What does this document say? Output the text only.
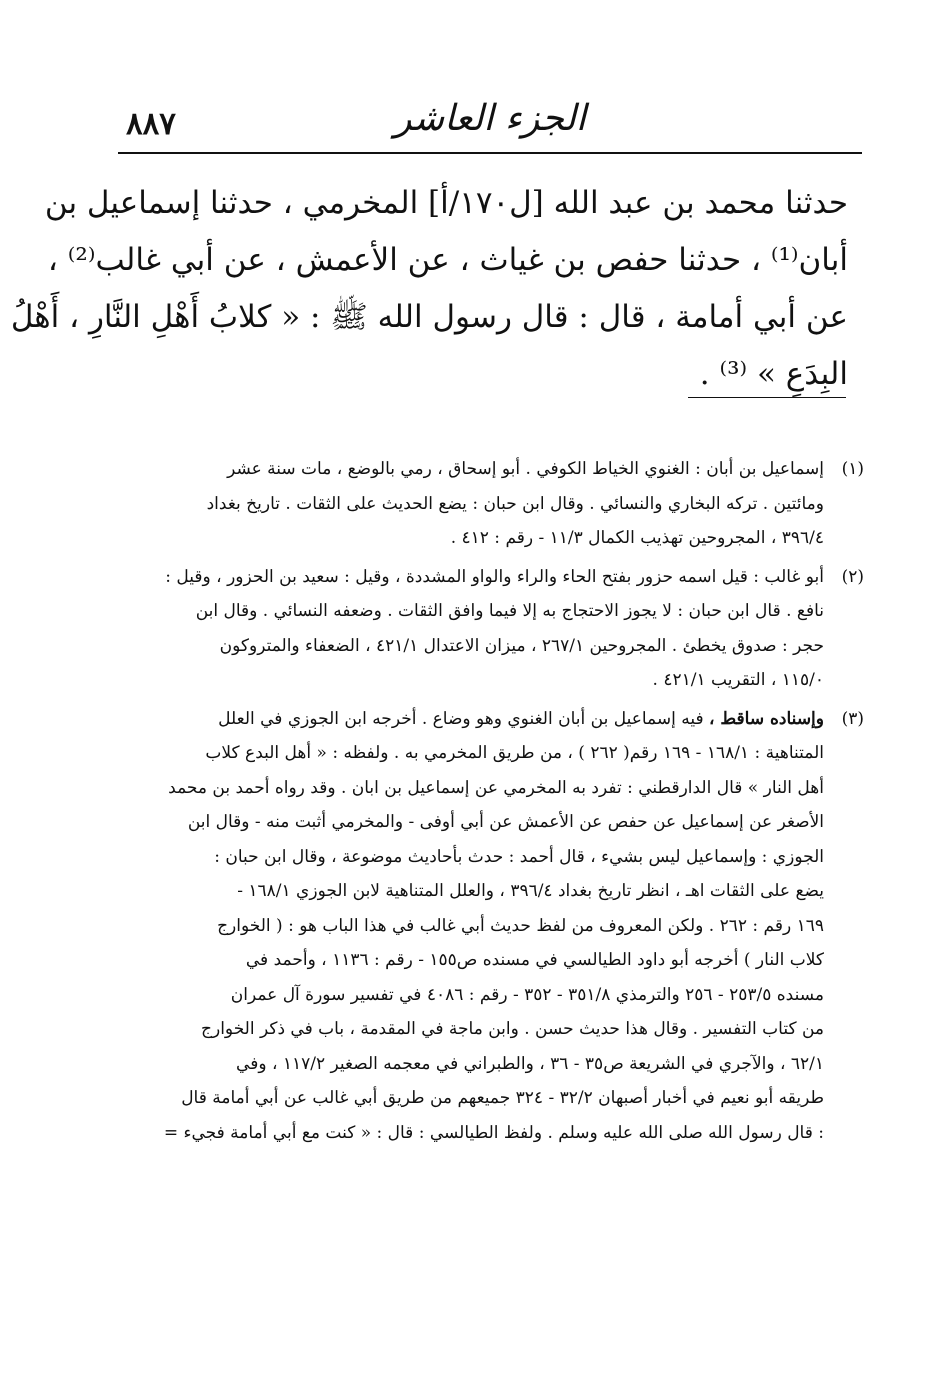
٨٨٧	الجزء العاشر
حدثنا محمد بن عبد الله [ل١٧٠/أ] المخرمي ، حدثنا إسماعيل بن
أبان⁽¹⁾ ، حدثنا حفص بن غياث ، عن الأعمش ، عن أبي غالب⁽²⁾ ،
عن أبي أمامة ، قال : قال رسول الله ﷺ : « كلابُ أَهْلِ النَّارِ ، أَهْلُ
البِدَعِ » ⁽³⁾ .
(١)
إسماعيل بن أبان : الغنوي الخياط الكوفي . أبو إسحاق ، رمي بالوضع ، مات سنة عشر
ومائتين . تركه البخاري والنسائي . وقال ابن حبان : يضع الحديث على الثقات . تاريخ بغداد
٣٩٦/٤ ، المجروحين تهذيب الكمال ١١/٣ - رقم : ٤١٢ .
(٢)
أبو غالب : قيل اسمه حزور بفتح الحاء والراء والواو المشددة ، وقيل : سعيد بن الحزور ، وقيل :
نافع . قال ابن حبان : لا يجوز الاحتجاج به إلا فيما وافق الثقات . وضعفه النسائي . وقال ابن
حجر : صدوق يخطئ . المجروحين ٢٦٧/١ ، ميزان الاعتدال ٤٢١/١ ، الضعفاء والمتروكون
١١٥/٠ ، التقريب ٤٢١/١ .
(٣)
وإسناده ساقط ، فيه إسماعيل بن أبان الغنوي وهو وضاع . أخرجه ابن الجوزي في العلل
المتناهية : ١٦٨/١ - ١٦٩ رقم( ٢٦٢ ) ، من طريق المخرمي به . ولفظه : « أهل البدع كلاب
أهل النار » قال الدارقطني : تفرد به المخرمي عن إسماعيل بن ابان . وقد رواه أحمد بن محمد
الأصغر عن إسماعيل عن حفص عن الأعمش عن أبي أوفى - والمخرمي أثبت منه - وقال ابن
الجوزي : وإسماعيل ليس بشيء ، قال أحمد : حدث بأحاديث موضوعة ، وقال ابن حبان :
يضع على الثقات اهـ ، انظر تاريخ بغداد ٣٩٦/٤ ، والعلل المتناهية لابن الجوزي ١٦٨/١ -
١٦٩ رقم : ٢٦٢ . ولكن المعروف من لفظ حديث أبي غالب في هذا الباب هو : ( الخوارج
كلاب النار ) أخرجه أبو داود الطيالسي في مسنده ص١٥٥ - رقم : ١١٣٦ ، وأحمد في
مسنده ٢٥٣/٥ - ٢٥٦ والترمذي ٣٥١/٨ - ٣٥٢ - رقم : ٤٠٨٦ في تفسير سورة آل عمران
من كتاب التفسير . وقال هذا حديث حسن . وابن ماجة في المقدمة ، باب في ذكر الخوارج
٦٢/١ ، والآجري في الشريعة ص٣٥ - ٣٦ ، والطبراني في معجمه الصغير ١١٧/٢ ، وفي
طريقه أبو نعيم في أخبار أصبهان ٣٢/٢ - ٣٢٤ جميعهم من طريق أبي غالب عن أبي أمامة قال
: قال رسول الله صلى الله عليه وسلم . ولفظ الطيالسي : قال : « كنت مع أبي أمامة فجيء =
